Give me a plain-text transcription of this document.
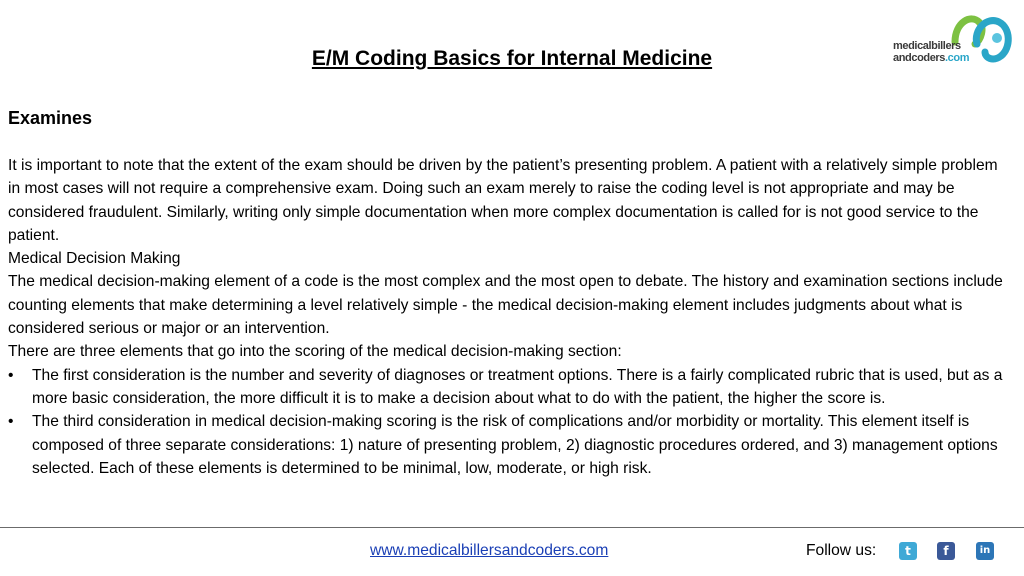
E/M Coding Basics for Internal Medicine
medicalbillers
andcoders.com
Examines

It is important to note that the extent of the exam should be driven by the patient’s presenting problem. A patient with a relatively simple problem in most cases will not require a comprehensive exam. Doing such an exam merely to raise the coding level is not appropriate and may be considered fraudulent. Similarly, writing only simple documentation when more complex documentation is called for is not good service to the patient.

Medical Decision Making

The medical decision-making element of a code is the most complex and the most open to debate. The history and examination sections include counting elements that make determining a level relatively simple - the medical decision-making element includes judgments about what is considered serious or major or an intervention.

There are three elements that go into the scoring of the medical decision-making section:

• The first consideration is the number and severity of diagnoses or treatment options. There is a fairly complicated rubric that is used, but as a more basic consideration, the more difficult it is to make a decision about what to do with the patient, the higher the score is.
• The third consideration in medical decision-making scoring is the risk of complications and/or morbidity or mortality. This element itself is composed of three separate considerations: 1) nature of presenting problem, 2) diagnostic procedures ordered, and 3) management options selected. Each of these elements is determined to be minimal, low, moderate, or high risk.
www.medicalbillersandcoders.com	Follow us:	t	f	in
